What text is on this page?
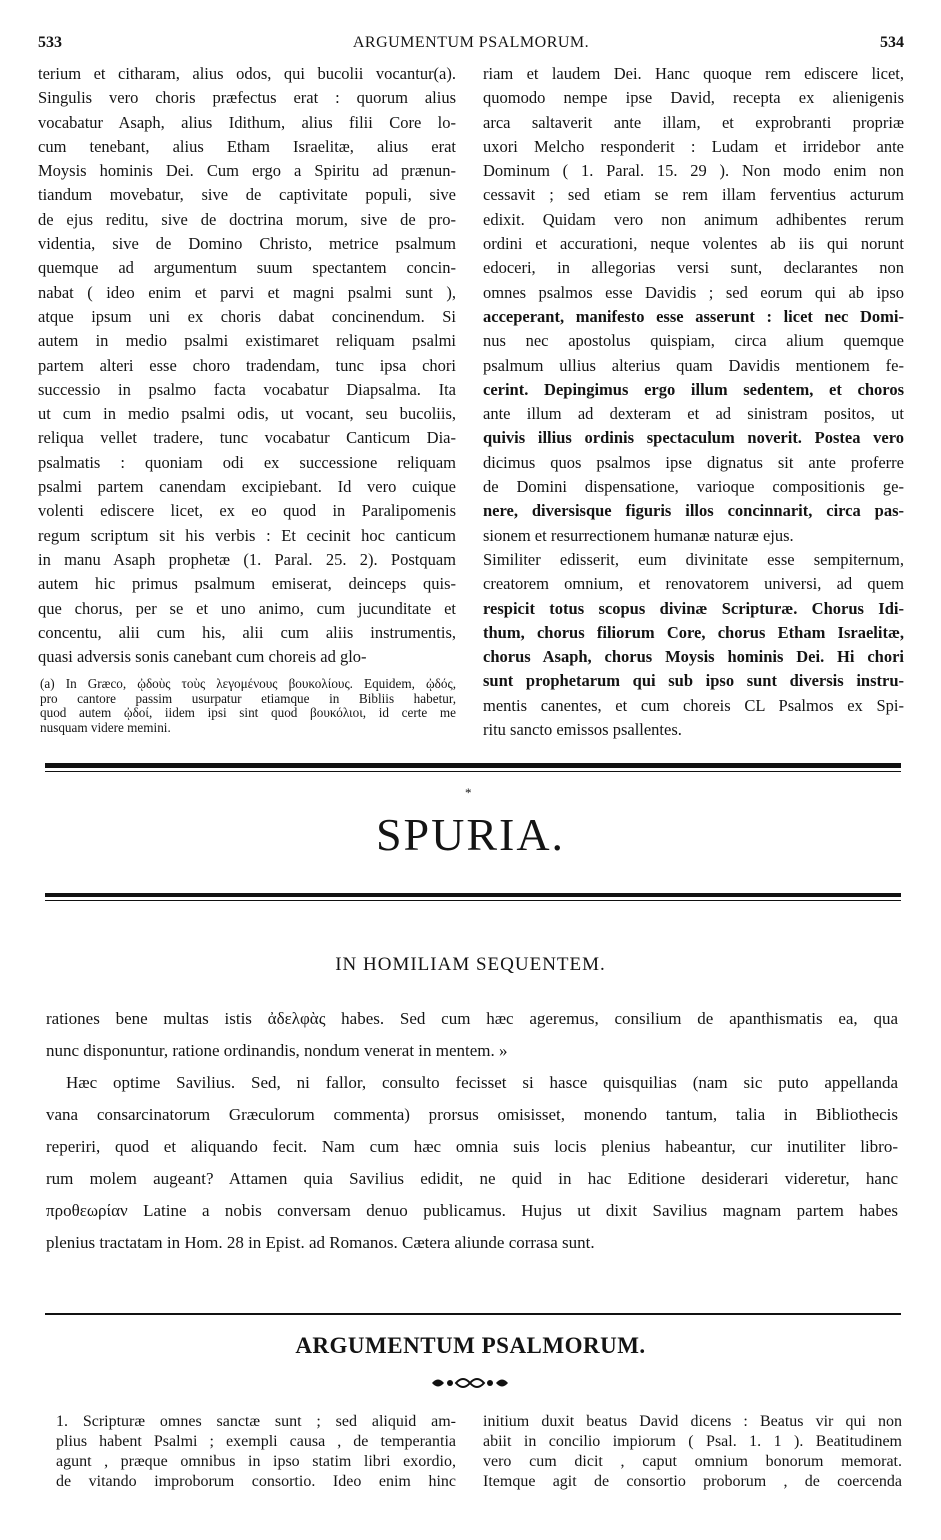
533	ARGUMENTUM PSALMORUM.	534
terium et citharam, alius odos, qui bucolii vocantur(a).
Singulis vero choris præfectus erat : quorum alius
vocabatur Asaph, alius Idithum, alius filii Core lo-
cum tenebant, alius Etham Israelitæ, alius erat
Moysis hominis Dei. Cum ergo a Spiritu ad prænun-
tiandum movebatur, sive de captivitate populi, sive
de ejus reditu, sive de doctrina morum, sive de pro-
videntia, sive de Domino Christo, metrice psalmum
quemque ad argumentum suum spectantem concin-
nabat ( ideo enim et parvi et magni psalmi sunt ),
atque ipsum uni ex choris dabat concinendum. Si
autem in medio psalmi existimaret reliquam psalmi
partem alteri esse choro tradendam, tunc ipsa chori
successio in psalmo facta vocabatur Diapsalma. Ita
ut cum in medio psalmi odis, ut vocant, seu bucoliis,
reliqua vellet tradere, tunc vocabatur Canticum Dia-
psalmatis : quoniam odi ex successione reliquam
psalmi partem canendam excipiebant. Id vero cuique
volenti ediscere licet, ex eo quod in Paralipomenis
regum scriptum sit his verbis : Et cecinit hoc canticum
in manu Asaph prophetæ (1. Paral. 25. 2). Postquam
autem hic primus psalmum emiserat, deinceps quis-
que chorus, per se et uno animo, cum jucunditate et
concentu, alii cum his, alii cum aliis instrumentis,
quasi adversis sonis canebant cum choreis ad glo-
(a) In Græco, ᾠδοὺς τοὺς λεγομένους βουκολίους. Equidem, ᾠδός,
pro cantore passim usurpatur etiamque in Bibliis habetur,
quod autem ᾠδοί, iidem ipsi sint quod βουκόλιοι, id certe me
nusquam videre memini.
riam et laudem Dei. Hanc quoque rem ediscere licet,
quomodo nempe ipse David, recepta ex alienigenis
arca saltaverit ante illam, et exprobranti propriæ
uxori Melcho responderit : Ludam et irridebor ante
Dominum ( 1. Paral. 15. 29 ). Non modo enim non
cessavit ; sed etiam se rem illam ferventius acturum
edixit. Quidam vero non animum adhibentes rerum
ordini et accurationi, neque volentes ab iis qui norunt
edoceri, in allegorias versi sunt, declarantes non
omnes psalmos esse Davidis ; sed eorum qui ab ipso
acceperant, manifesto esse asserunt : licet nec Domi-
nus nec apostolus quispiam, circa alium quemque
psalmum ullius alterius quam Davidis mentionem fe-
cerint. Depingimus ergo illum sedentem, et choros
ante illum ad dexteram et ad sinistram positos, ut
quivis illius ordinis spectaculum noverit. Postea vero
dicimus quos psalmos ipse dignatus sit ante proferre
de Domini dispensatione, varioque compositionis ge-
nere, diversisque figuris illos concinnarit, circa pas-
sionem et resurrectionem humanæ naturæ ejus.
Similiter edisserit, eum divinitate esse sempiternum,
creatorem omnium, et renovatorem universi, ad quem
respicit totus scopus divinæ Scripturæ. Chorus Idi-
thum, chorus filiorum Core, chorus Etham Israelitæ,
chorus Asaph, chorus Moysis hominis Dei. Hi chori
sunt prophetarum qui sub ipso sunt diversis instru-
mentis canentes, et cum choreis CL Psalmos ex Spi-
ritu sancto emissos psallentes.
*
SPURIA.
IN HOMILIAM SEQUENTEM.
rationes bene multas istis ἀδελφὰς habes. Sed cum hæc ageremus, consilium de apanthismatis ea, qua
nunc disponuntur, ratione ordinandis, nondum venerat in mentem. »
Hæc optime Savilius. Sed, ni fallor, consulto fecisset si hasce quisquilias (nam sic puto appellanda
vana consarcinatorum Græculorum commenta) prorsus omisisset, monendo tantum, talia in Bibliothecis
reperiri, quod et aliquando fecit. Nam cum hæc omnia suis locis plenius habeantur, cur inutiliter libro-
rum molem augeant? Attamen quia Savilius edidit, ne quid in hac Editione desiderari videretur, hanc
προθεωρίαν Latine a nobis conversam denuo publicamus. Hujus ut dixit Savilius magnam partem habes
plenius tractatam in Hom. 28 in Epist. ad Romanos. Cætera aliunde corrasa sunt.
ARGUMENTUM PSALMORUM.
1. Scripturæ omnes sanctæ sunt ; sed aliquid am-
plius habent Psalmi ; exempli causa , de temperantia
agunt , præque omnibus in ipso statim libri exordio,
de vitando improborum consortio. Ideo enim hinc
initium duxit beatus David dicens : Beatus vir qui non
abiit in concilio impiorum ( Psal. 1. 1 ). Beatitudinem
vero cum dicit , caput omnium bonorum memorat.
Itemque agit de consortio proborum , de coercenda
